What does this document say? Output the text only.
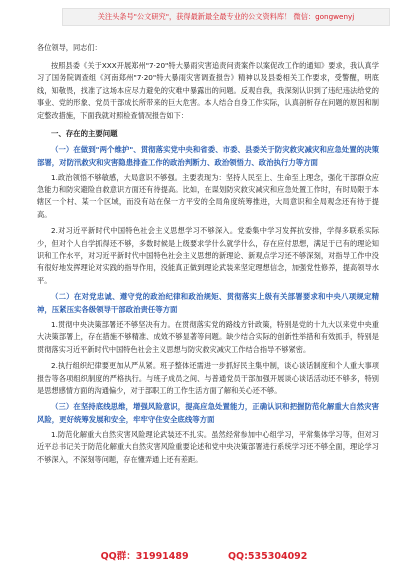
关注头条号"公文研究"，获得最新最全最专业的公文资料库！ 微信：gongwenyj
各位领导，同志们：

按照县委《关于XXX开展郑州"7·20"特大暴雨灾害追责问责案件以案促改工作的通知》要求，我认真学习了国务院调查组《河南郑州"7·20"特大暴雨灾害调查报告》精神以及县委相关工作要求，受警醒，明底线，知敬畏，找准了这场本应尽力避免的灾难中暴露出的问题。反观自我，我深刻认识到了违纪违法给党的事业、党的形象、党员干部成长所带来的巨大危害。本人结合自身工作实际，认真剖析存在问题的原因和制定整改措施，下面我就对照检查情况报告如下：

一、存在的主要问题
（一）在做到"两个维护"、贯彻落实党中央和省委、市委、县委关于防灾救灾减灾和应急处置的决策部署，对防汛救灾和灾害隐患排查工作的政治判断力、政治领悟力、政治执行力等方面

1.政治领悟不够敏感，大局意识不够强。主要表现为：坚持人民至上、生命至上理念，强化干部群众应急能力和防灾避险自救意识方面还有待提高。比如，在谋划防灾救灾减灾和应急处置工作时，有时局限于本辖区一个村、某一个区域，而没有站在保一方平安的全局角度统筹推进，大局意识和全局观念还有待于提高。

2.对习近平新时代中国特色社会主义思想学习不够深入。党委集中学习发挥抗安排，学得多联系实际少，但对个人自学抓得还不够，多数时候是上级要求学什么就学什么，存在应付思想，满足于已有的理论知识和工作水平，对习近平新时代中国特色社会主义思想的新理论、新观点学习还不够深刻，对指导工作中没有很好地发挥理论对实践的指导作用，没能真正做到理论武装来坚定理想信念，加强党性修养，提高领导水平。

（二）在对党忠诚、遵守党的政治纪律和政治规矩、贯彻落实上级有关部署要求和中央八项规定精神，压紧压实各级领导干部政治责任等方面

1.贯彻中央决策部署还不够坚决有力。在贯彻落实党的路线方针政策，特别是党的十九大以来党中央重大决策部署上，存在措施不够精准、成效不够显著等问题。缺少结合实际的创新性举措和有效抓手，特别是贯彻落实习近平新时代中国特色社会主义思想与防灾救灾减灾工作结合指导不够紧密。

2.执行组织纪律要更加从严从紧。班子整体还需进一步抓好民主集中制，谈心谈话制度和个人重大事项报告等各项组织制度的严格执行。与班子成员之间、与普通党员干部加强开展谈心谈话活动还不够多，特别是思想感情方面的沟通偏少，对于部职工的工作生活方面了解和关心还不够。

（三）在坚持底线思维，增强风险意识，提高应急处置能力，正确认识和把握防范化解重大自然灾害风险，更好统筹发展和安全，牢牢守住安全底线等方面

1.防范化解重大自然灾害风险理论武装还不扎实。虽然经常参加中心组学习，平常集体学习等，但对习近平总书记关于防范化解重大自然灾害风险重要论述和党中央决策部署进行系统学习还不够全面，理论学习不够深入，不深刻等问题，存在懂弄通上还有差距。

QQ群：31991489	QQ:535304092
